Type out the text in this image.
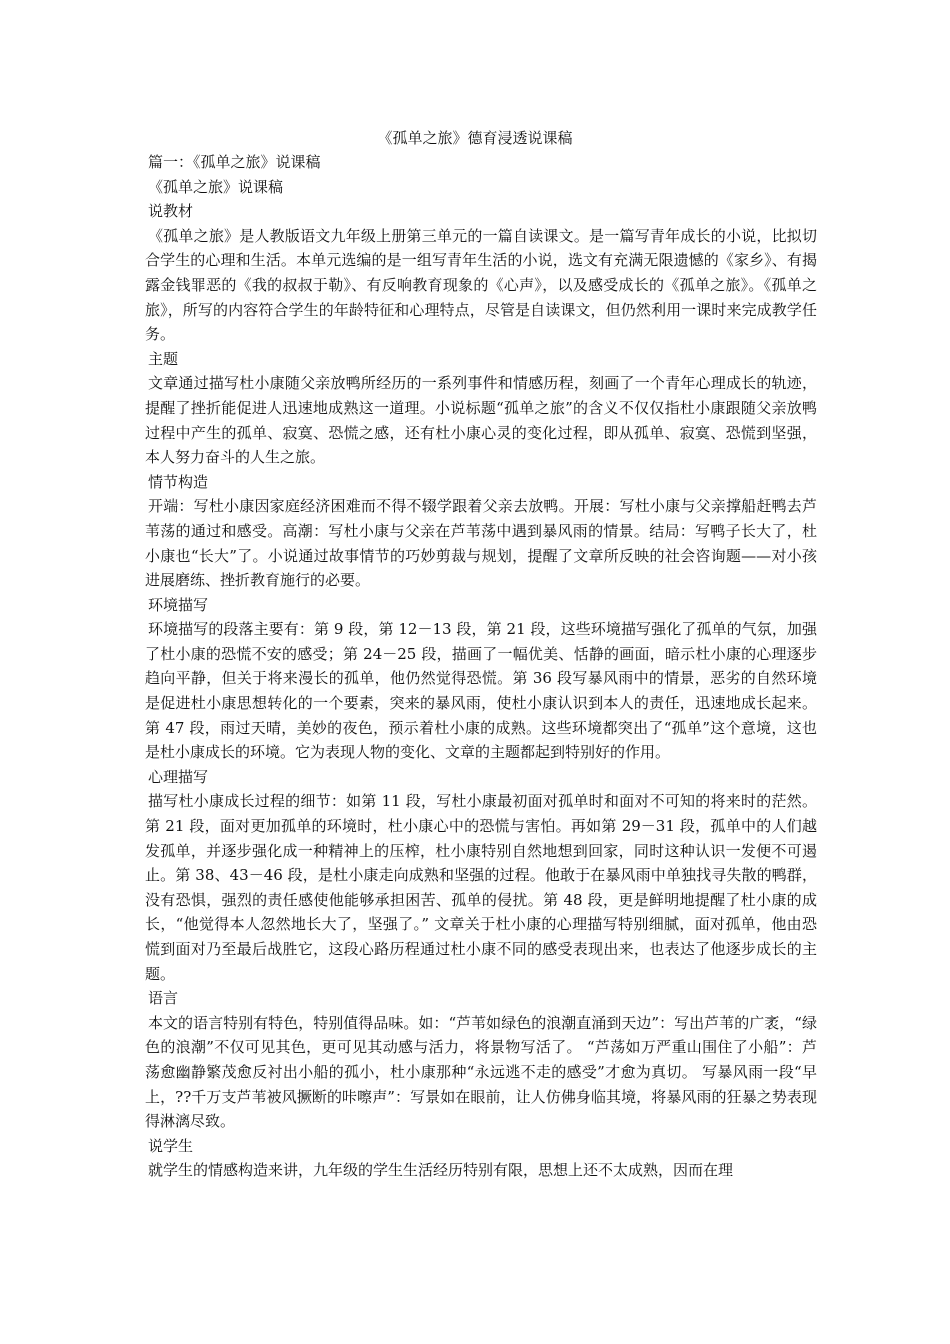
《孤单之旅》德育浸透说课稿

篇一：《孤单之旅》说课稿

《孤单之旅》说课稿

说教材

《孤单之旅》是人教版语文九年级上册第三单元的一篇自读课文。是一篇写青年成长的小说，比拟切合学生的心理和生活。本单元选编的是一组写青年生活的小说，选文有充满无限遗憾的《家乡》、有揭露金钱罪恶的《我的叔叔于勒》、有反响教育现象的《心声》，以及感受成长的《孤单之旅》。《孤单之旅》，所写的内容符合学生的年龄特征和心理特点，尽管是自读课文，但仍然利用一课时来完成教学任务。

主题

文章通过描写杜小康随父亲放鸭所经历的一系列事件和情感历程，刻画了一个青年心理成长的轨迹，提醒了挫折能促进人迅速地成熟这一道理。小说标题“孤单之旅”的含义不仅仅指杜小康跟随父亲放鸭过程中产生的孤单、寂寞、恐慌之感，还有杜小康心灵的变化过程，即从孤单、寂寞、恐慌到坚强，本人努力奋斗的人生之旅。

情节构造

开端：写杜小康因家庭经济困难而不得不辍学跟着父亲去放鸭。开展：写杜小康与父亲撑船赶鸭去芦苇荡的通过和感受。高潮：写杜小康与父亲在芦苇荡中遇到暴风雨的情景。结局：写鸭子长大了，杜小康也“长大”了。小说通过故事情节的巧妙剪裁与规划，提醒了文章所反映的社会咨询题——对小孩进展磨练、挫折教育施行的必要。

环境描写

环境描写的段落主要有：第 9 段，第 12－13 段，第 21 段，这些环境描写强化了孤单的气氛，加强了杜小康的恐慌不安的感受；第 24－25 段，描画了一幅优美、恬静的画面，暗示杜小康的心理逐步趋向平静，但关于将来漫长的孤单，他仍然觉得恐慌。第 36 段写暴风雨中的情景，恶劣的自然环境是促进杜小康思想转化的一个要素，突来的暴风雨，使杜小康认识到本人的责任，迅速地成长起来。第 47 段，雨过天晴，美妙的夜色，预示着杜小康的成熟。这些环境都突出了“孤单”这个意境，这也是杜小康成长的环境。它为表现人物的变化、文章的主题都起到特别好的作用。

心理描写

描写杜小康成长过程的细节：如第 11 段，写杜小康最初面对孤单时和面对不可知的将来时的茫然。第 21 段，面对更加孤单的环境时，杜小康心中的恐慌与害怕。再如第 29－31 段，孤单中的人们越发孤单，并逐步强化成一种精神上的压榨，杜小康特别自然地想到回家，同时这种认识一发便不可遏止。第 38、43－46 段，是杜小康走向成熟和坚强的过程。他敢于在暴风雨中单独找寻失散的鸭群，没有恐惧，强烈的责任感使他能够承担困苦、孤单的侵扰。第 48 段，更是鲜明地提醒了杜小康的成长，“他觉得本人忽然地长大了，坚强了。” 文章关于杜小康的心理描写特别细腻，面对孤单，他由恐慌到面对乃至最后战胜它，这段心路历程通过杜小康不同的感受表现出来，也表达了他逐步成长的主题。

语言

本文的语言特别有特色，特别值得品味。如：“芦苇如绿色的浪潮直涌到天边”：写出芦苇的广袤，“绿色的浪潮”不仅可见其色，更可见其动感与活力，将景物写活了。 “芦荡如万严重山围住了小船”：芦荡愈幽静繁茂愈反衬出小船的孤小，杜小康那种“永远逃不走的感受”才愈为真切。 写暴风雨一段“早上，??千万支芦苇被风撅断的咔嚓声”：写景如在眼前，让人仿佛身临其境，将暴风雨的狂暴之势表现得淋漓尽致。

说学生

就学生的情感构造来讲，九年级的学生生活经历特别有限，思想上还不太成熟，因而在理
